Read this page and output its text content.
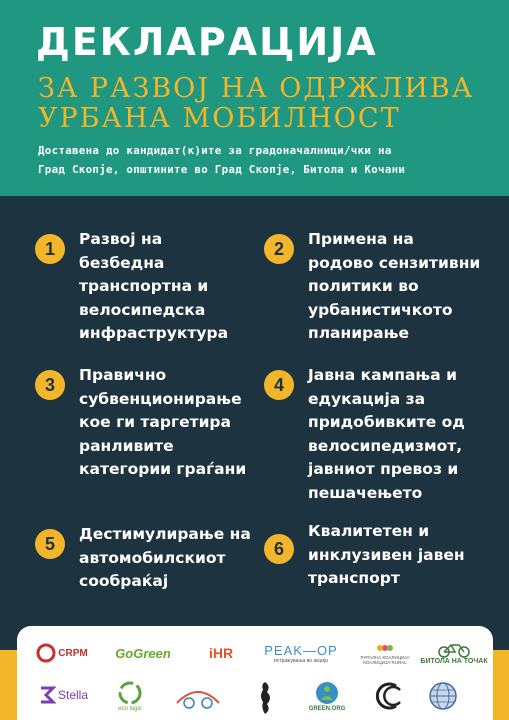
ДЕКЛАРАЦИЈА
ЗА РАЗВОЈ НА ОДРЖЛИВА
УРБАНА МОБИЛНОСТ
Доставена до кандидат(к)ите за градоначалници/чки на
Град Скопје, општините во Град Скопје, Битола и Кочани
1	Развој на
безбедна
транспортна и
велосипедска
инфраструктура
2	Примена на
родово сензитивни
политики во
урбанистичкото
планирање
3	Правично
субвенционирање
кое ги таргетира
ранливите
категории граѓани
4	Јавна кампања и
едукација за
придобивките од
велосипедизмот,
јавниот превоз и
пешачењето
5	Дестимулирање на
автомобилскиот
сообраќај
6
Квалитетен и
инклузивен јавен
транспорт
CRPM GoGreen	iHR PEAK—OP
истражувања во акција	РУРАЛНА КОАЛИЦИЈА
КОАЛИЦИЈА RURAL БИТОЛА НА ТОЧАК
Stella
eco logic	GREEN.ORG
